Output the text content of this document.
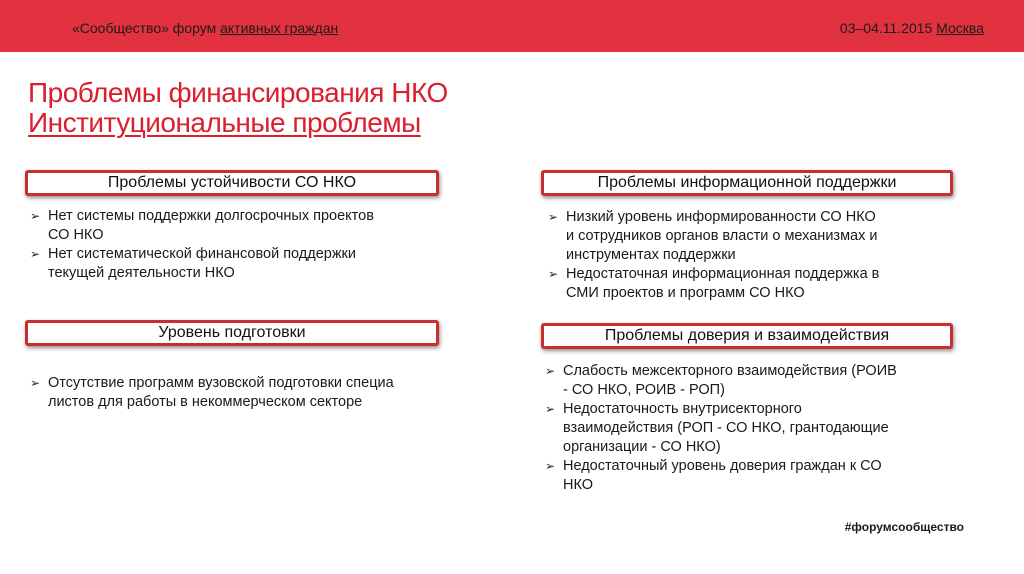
«Сообщество» форум активных граждан	03–04.11.2015 Москва
Проблемы финансирования НКО
Институциональные проблемы
Проблемы устойчивости СО НКО
➢ Нет системы поддержки долгосрочных проектов
СО НКО
➢ Нет систематической финансовой поддержки
текущей деятельности НКО
Уровень подготовки
➢ Отсутствие программ вузовской подготовки специа
листов для работы в некоммерческом секторе
Проблемы информационной поддержки
➢ Низкий уровень информированности СО НКО
и сотрудников органов власти о механизмах и
инструментах поддержки
➢ Недостаточная информационная поддержка в
СМИ проектов и программ СО НКО
Проблемы доверия и взаимодействия
➢ Слабость межсекторного взаимодействия (РОИВ
- СО НКО, РОИВ - РОП)
➢ Недостаточность внутрисекторного
взаимодействия (РОП - СО НКО, грантодающие
организации - СО НКО)
➢ Недостаточный уровень доверия граждан к СО
НКО
#форумсообщество
